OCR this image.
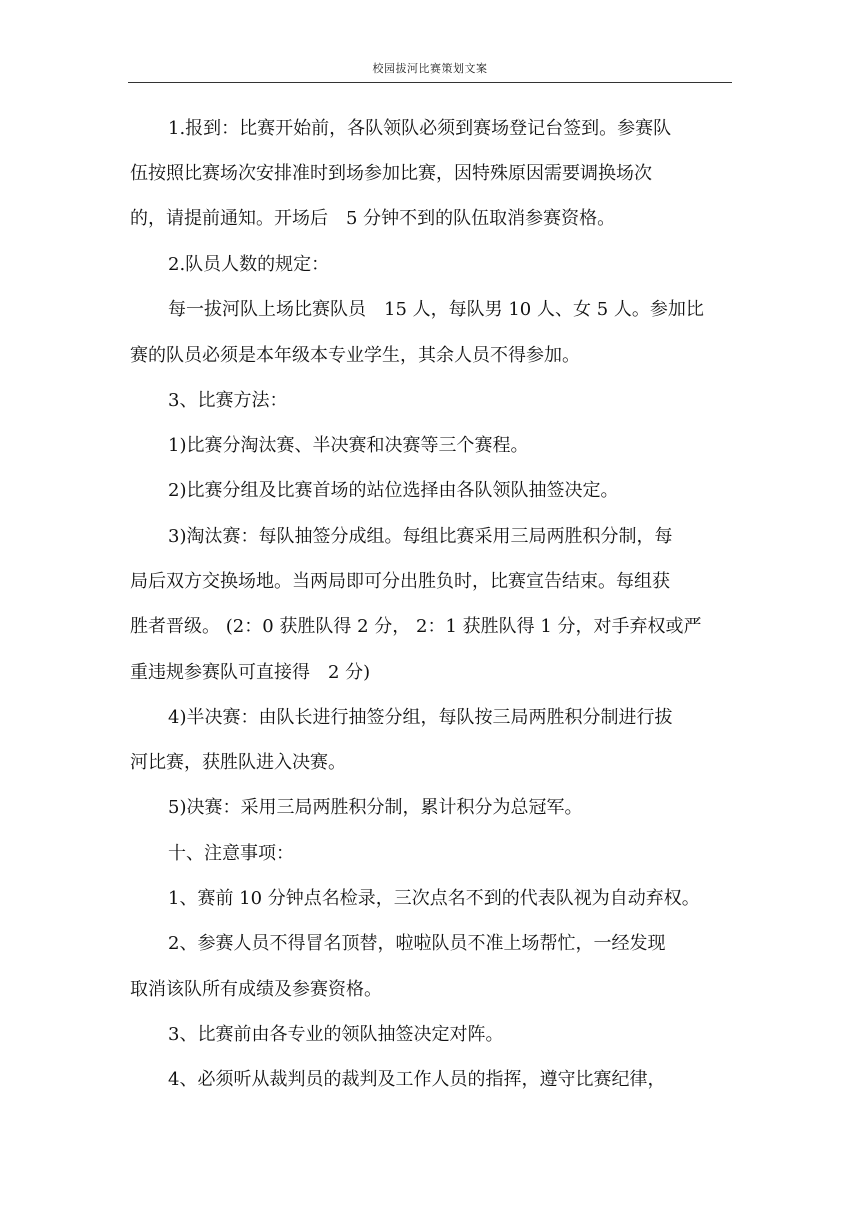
校园拔河比赛策划文案
1.报到：比赛开始前，各队领队必须到赛场登记台签到。参赛队
伍按照比赛场次安排准时到场参加比赛，因特殊原因需要调换场次
的，请提前通知。开场后　5 分钟不到的队伍取消参赛资格。
2.队员人数的规定：
每一拔河队上场比赛队员　15 人，每队男 10 人、女 5 人。参加比
赛的队员必须是本年级本专业学生，其余人员不得参加。
3、比赛方法：
1)比赛分淘汰赛、半决赛和决赛等三个赛程。
2)比赛分组及比赛首场的站位选择由各队领队抽签决定。
3)淘汰赛：每队抽签分成组。每组比赛采用三局两胜积分制，每
局后双方交换场地。当两局即可分出胜负时，比赛宣告结束。每组获
胜者晋级。 (2：0 获胜队得 2 分， 2：1 获胜队得 1 分，对手弃权或严
重违规参赛队可直接得　2 分)
4)半决赛：由队长进行抽签分组，每队按三局两胜积分制进行拔
河比赛，获胜队进入决赛。
5)决赛：采用三局两胜积分制，累计积分为总冠军。
十、注意事项：
1、赛前 10 分钟点名检录，三次点名不到的代表队视为自动弃权。
2、参赛人员不得冒名顶替，啦啦队员不准上场帮忙，一经发现
取消该队所有成绩及参赛资格。
3、比赛前由各专业的领队抽签决定对阵。
4、必须听从裁判员的裁判及工作人员的指挥，遵守比赛纪律，
